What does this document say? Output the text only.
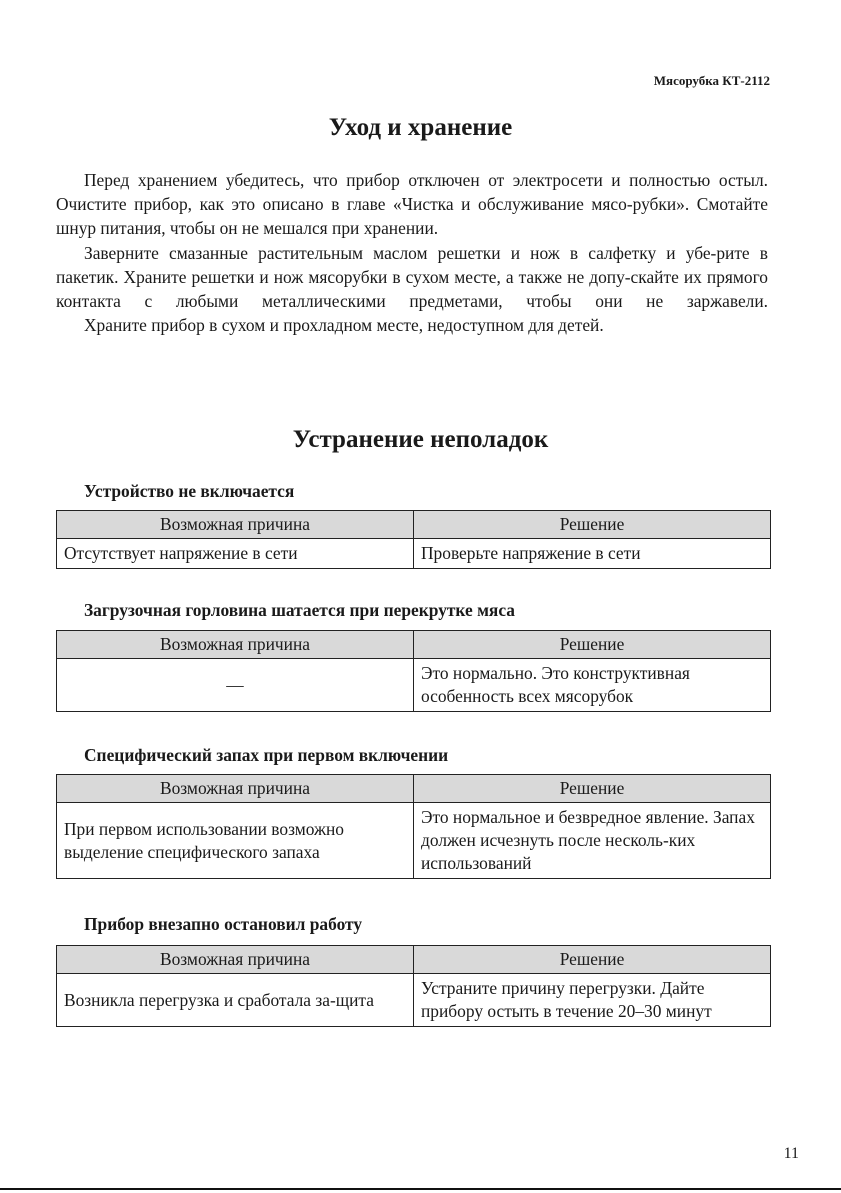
Мясорубка КТ-2112
Уход и хранение

Перед хранением убедитесь, что прибор отключен от электросети и полностью остыл. Очистите прибор, как это описано в главе «Чистка и обслуживание мясо-рубки». Смотайте шнур питания, чтобы он не мешался при хранении.

Заверните смазанные растительным маслом решетки и нож в салфетку и убе-рите в пакетик. Храните решетки и нож мясорубки в сухом месте, а также не допу-скайте их прямого контакта с любыми металлическими предметами, чтобы они не заржавели.

Храните прибор в сухом и прохладном месте, недоступном для детей.

Устранение неполадок
Устройство не включается
Возможная причина	Решение
Отсутствует напряжение в сети	Проверьте напряжение в сети
Загрузочная горловина шатается при перекрутке мяса
Возможная причина	Решение
—	Это нормально. Это конструктивная особенность всех мясорубок
Специфический запах при первом включении
Возможная причина	Решение
При первом использовании возможно выделение специфического запаха	Это нормальное и безвредное явление. Запах должен исчезнуть после несколь-ких использований
Прибор внезапно остановил работу
Возможная причина	Решение
Возникла перегрузка и сработала за-щита	Устраните причину перегрузки. Дайте прибору остыть в течение 20–30 минут
11
